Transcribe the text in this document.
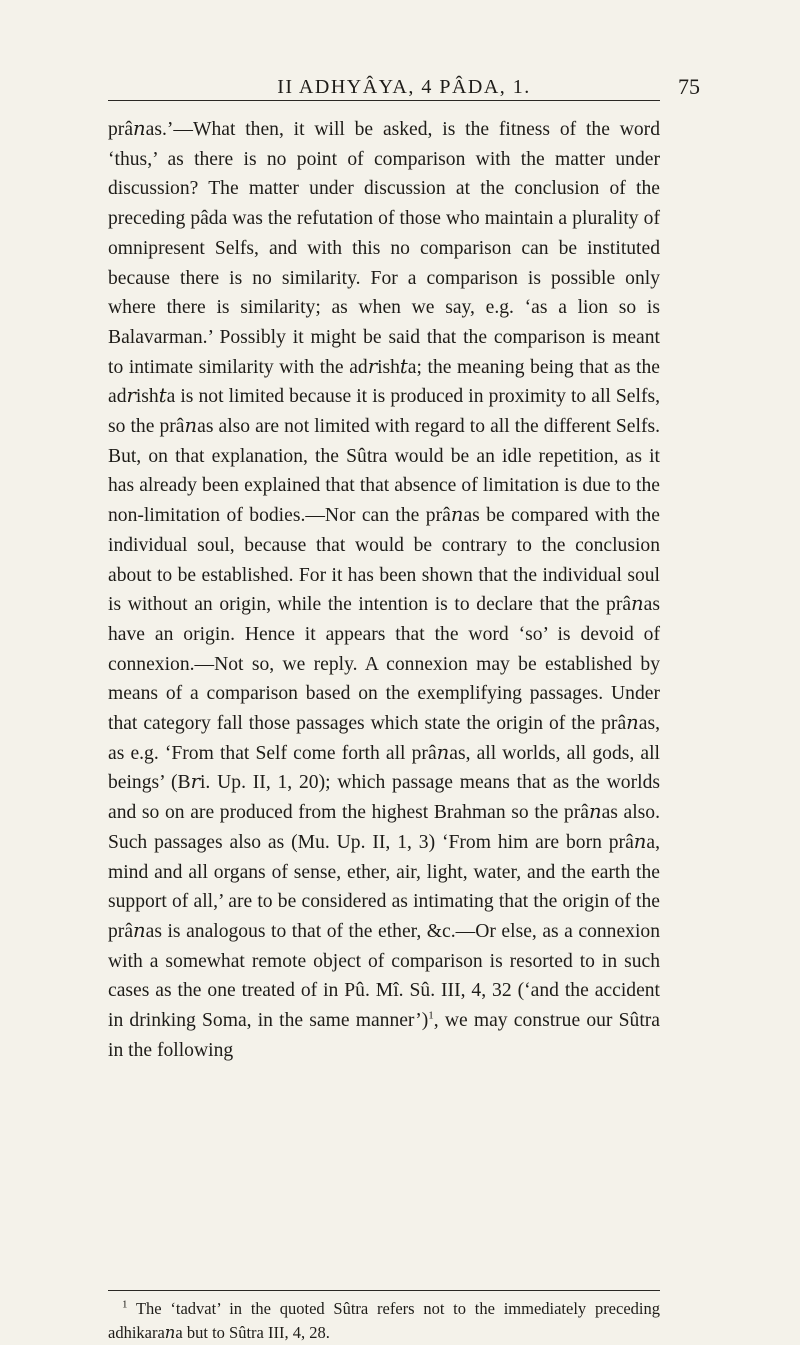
II ADHYÂYA, 4 PÂDA, 1.	75

prâ𝑛as.’—What then, it will be asked, is the fitness of the word ‘thus,’ as there is no point of comparison with the matter under discussion? The matter under discussion at the conclusion of the preceding pâda was the refutation of those who maintain a plurality of omnipresent Selfs, and with this no comparison can be instituted because there is no similarity. For a comparison is possible only where there is similarity; as when we say, e.g. ‘as a lion so is Balavarman.’ Possibly it might be said that the comparison is meant to intimate similarity with the ad𝑟ish𝑡a; the meaning being that as the ad𝑟ish𝑡a is not limited because it is produced in proximity to all Selfs, so the prâ𝑛as also are not limited with regard to all the different Selfs. But, on that explanation, the Sûtra would be an idle repetition, as it has already been explained that that absence of limitation is due to the non-limitation of bodies.—Nor can the prâ𝑛as be compared with the individual soul, because that would be contrary to the conclusion about to be established. For it has been shown that the individual soul is without an origin, while the intention is to declare that the prâ𝑛as have an origin. Hence it appears that the word ‘so’ is devoid of connexion.—Not so, we reply. A connexion may be established by means of a comparison based on the exemplifying passages. Under that category fall those passages which state the origin of the prâ𝑛as, as e.g. ‘From that Self come forth all prâ𝑛as, all worlds, all gods, all beings’ (B𝑟i. Up. II, 1, 20); which passage means that as the worlds and so on are produced from the highest Brahman so the prâ𝑛as also. Such passages also as (Mu. Up. II, 1, 3) ‘From him are born prâ𝑛a, mind and all organs of sense, ether, air, light, water, and the earth the support of all,’ are to be considered as intimating that the origin of the prâ𝑛as is analogous to that of the ether, &c.—Or else, as a connexion with a somewhat remote object of comparison is resorted to in such cases as the one treated of in Pû. Mî. Sû. III, 4, 32 (‘and the accident in drinking Soma, in the same manner’)$^1$, we may construe our Sûtra in the following

$^1$ The ‘tadvat’ in the quoted Sûtra refers not to the immediately preceding adhikara𝑛a but to Sûtra III, 4, 28.
